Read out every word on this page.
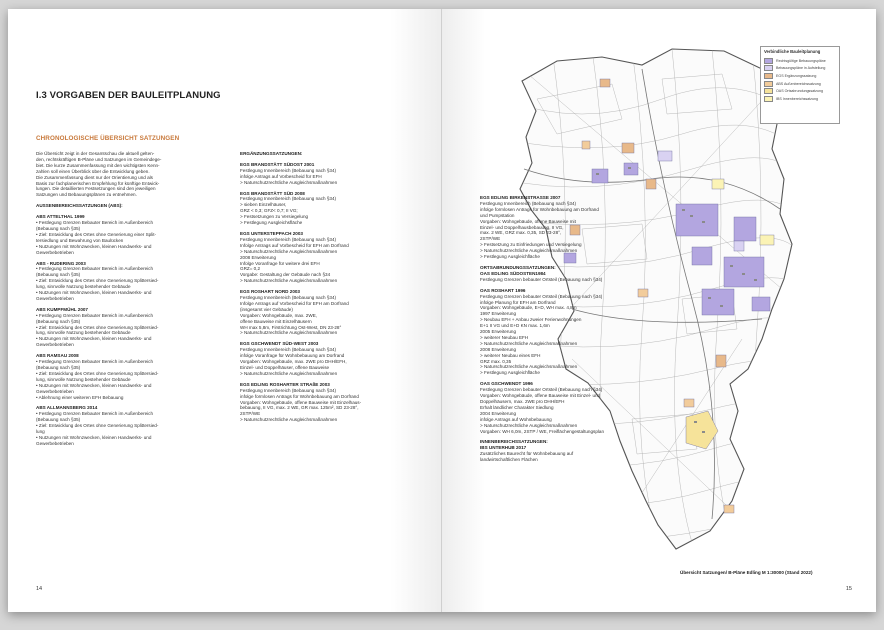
I.3 VORGABEN DER BAULEITPLANUNG
CHRONOLOGISCHE ÜBERSICHT SATZUNGEN

Die Übersicht zeigt in der Gesamtschau die aktuell gelten-
den, rechtskräftigen B-Pläne und Satzungen im Gemeindege-
biet. Die kurze Zusammenfassung mit den wichtigsten Kenn-
zahlen soll einen Überblick über die Entwicklung geben.
Die Zusammenfassung dient nur der Orientierung und als
Basis zur fachplanerischen Empfehlung für künftige Entwick-
lungen. Die detaillierten Festsetzungen sind den jeweiligen
Satzungen und Bebauungsplänen zu entnehmen.

AUSSENBEREICHSSATZUNGEN (ABS):
ABS ATTELTHAL 1999

• Festlegung Grenzen Bebauter Bereich im Außenbereich
(Bebauung nach §35)
• Ziel: Entwicklung des Ortes ohne Generierung einer Split-
tersiedlung und Bewahrung von Baulücken
• Nutzungen mit Wohnzwecken, kleinen Handwerks- und
Gewerbebetrieben

ABS - RUDERING 2003

• Festlegung Grenzen Bebauter Bereich im Außenbereich
(Bebauung nach §35)
• Ziel: Entwicklung des Ortes ohne Generierung Splittersied-
lung, sinnvolle Nutzung bestehender Gebäude
• Nutzungen mit Wohnzwecken, kleinen Handwerks- und
Gewerbebetrieben

ABS KUMPFMÜHL 2007

• Festlegung Grenzen Bebauter Bereich im Außenbereich
(Bebauung nach §35)
• Ziel: Entwicklung des Ortes ohne Generierung Splittersied-
lung, sinnvolle Nutzung bestehender Gebäude
• Nutzungen mit Wohnzwecken, kleinen Handwerks- und
Gewerbebetrieben

ABS RAMSAU 2008

• Festlegung Grenzen Bebauter Bereich im Außenbereich
(Bebauung nach §35)
• Ziel: Entwicklung des Ortes ohne Generierung Splittersied-
lung, sinnvolle Nutzung bestehender Gebäude
• Nutzungen mit Wohnzwecken, kleinen Handwerks- und
Gewerbebetrieben
• Ablehnung einer weiteren EFH Bebauung

ABS ALLMANNSBERG 2014

• Festlegung Grenzen Bebauter Bereich im Außenbereich
(Bebauung nach §35)
• Ziel: Entwicklung des Ortes ohne Generierung Splittersied-
lung
• Nutzungen mit Wohnzwecken, kleinen Handwerks- und
Gewerbebetrieben

ERGÄNZUNGSSATZUNGEN:
EGS BRANDSTÄTT SÜDOST 2001

Festlegung Innenbereich (Bebauung nach §34)
infolge Antrags auf Vorbescheid für EFH
> Naturschutzrechtliche Ausgleichsmaßnahmen

EGS BRANDSTÄTT SÜD 2008

Festlegung Innenbereich (Bebauung nach §34)
> sieben Einzelhäuser,
GRZ < 0,3; GFZ< 0,7; II VG;
> Festsetzungen zu Versiegelung
> Festlegung Ausgleichsfläche

EGS UNTERSTEPPACH 2003

Festlegung Innenbereich (Bebauung nach §34)
Infolge Antrags auf Vorbescheid für EFH am Dorfrand
> Naturschutzrechtliche Ausgleichsmaßnahmen
2008 Erweiterung
Infolge Voranfrage für weitere drei EFH
GRZ= 0,2
Vorgabe: Gestaltung der Gebäude nach §34
> Naturschutzrechtliche Ausgleichsmaßnahmen

EGS ROSHART NORD 2003

Festlegung Innenbereich (Bebauung nach §34)
Infolge Antrags auf Vorbescheid für EFH am Dorfrand
(insgesamt vier Gebäude)
Vorgaben: Wohngebäude, max. 2WE,
offene Bauweise mit Einzelhäusern
WH max 5,8m, Firstrichtung Ost-West, DN 23-28°
> Naturschutzrechtliche Ausgleichsmaßnahmen

EGS GSCHWENDT SÜD-WEST 2003

Festlegung Innenbereich (Bebauung nach §34)
infolge Voranfrage für Wohnbebauung am Dorfrand
Vorgaben: Wohngebäude, max. 2WE pro DHH/EFH,
Einzel- und Doppelhäuser, offene Bauweise
> Naturschutzrechtliche Ausgleichsmaßnahmen

EGS EDLING ROSHARTER STRAßE 2003

Festlegung Innenbereich (Bebauung nach §34)
infolge formlosen Antrags für Wohnbebauung am Dorfrand
Vorgaben: Wohngebäude, offene Bauweise mit Einzelhaus-
bebauung, II VG, max. 2 WE, GR max. 125m², SD 23-28°,
2STP/WE
> Naturschutzrechtliche Ausgleichsmaßnahmen

14
Verbindliche Bauleitplanung
Rechtsgültige Bebauungspläne
Bebauungspläne in Aufstellung
EGS Ergänzungssatzung
ABS Außenbereichssatzung
OAS Ortsabrundungssatzung
IBS Innenbereichssatzung
EGS EDLING BIRKENSTRASSE 2007

Festlegung Innenbereich (Bebauung nach §34)
infolge formlosen Antrags für Wohnbebauung am Dorfrand
und Pumpstation
Vorgaben: Wohngebäude, offene Bauweise mit
Einzel- und Doppelhausbebauung, II VG,
max. 2 WE, GRZ max. 0,35, SD 23-28°,
2STP/WE
> Festsetzung zu Einfriedungen und Versiegelung
> Naturschutzrechtliche Ausgleichsmaßnahmen
> Festlegung Ausgleichfläche

ORTSABRUNDUNGSSATZUNGEN:
OAS EDLING SÜDOSTEN1984

Festlegung Grenzen bebauter Ortsteil (Bebauung nach §34)

OAS ROSHART 1996

Festlegung Grenzen bebauter Ortsteil (Bebauung nach §34)
infolge Planung für EFH am Dorfrand
Vorgaben: Wohngebäude, E+D, WH max. 4,8m
1997 Erweiterung
> Neubau EFH + Anbau zweier Ferienwohnungen
E+1 II VG und E+D KN max. 1,6m
2005 Erweiterung
> weiterer Neubau EFH
> Naturschutzrechtliche Ausgleichsmaßnahmen
2008 Erweiterung
> weiterer Neubau eines EFH
GRZ max. 0,35
> Naturschutzrechtliche Ausgleichsmaßnahmen
> Festlegung Ausgleichfläche

OAS GSCHWENDT 1996

Festlegung Grenzen bebauter Ortsteil (Bebauung nach §34)
Vorgaben: Wohngebäude, offene Bauweise mit Einzel- und
Doppelhäusern, max. 2WE pro DHH/EFH
Erhalt ländlicher Charakter Siedlung
2004 Erweiterung
infolge Antrags auf Wohnbebauung
> Naturschutzrechtliche Ausgleichsmaßnahmen
Vorgaben: WH 6,0m, 2STP / WE, Freiflächengestaltungsplan

INNENBEREICHSSATZUNGEN:
IBS UNTERHUB 2017

Zusätzliches Baurecht für Wohnbebauung auf
landwirtschaftlichen Flächen

Übersicht Satzungen/ B-Pläne Edling M 1:30000 (Stand 2022)
15
